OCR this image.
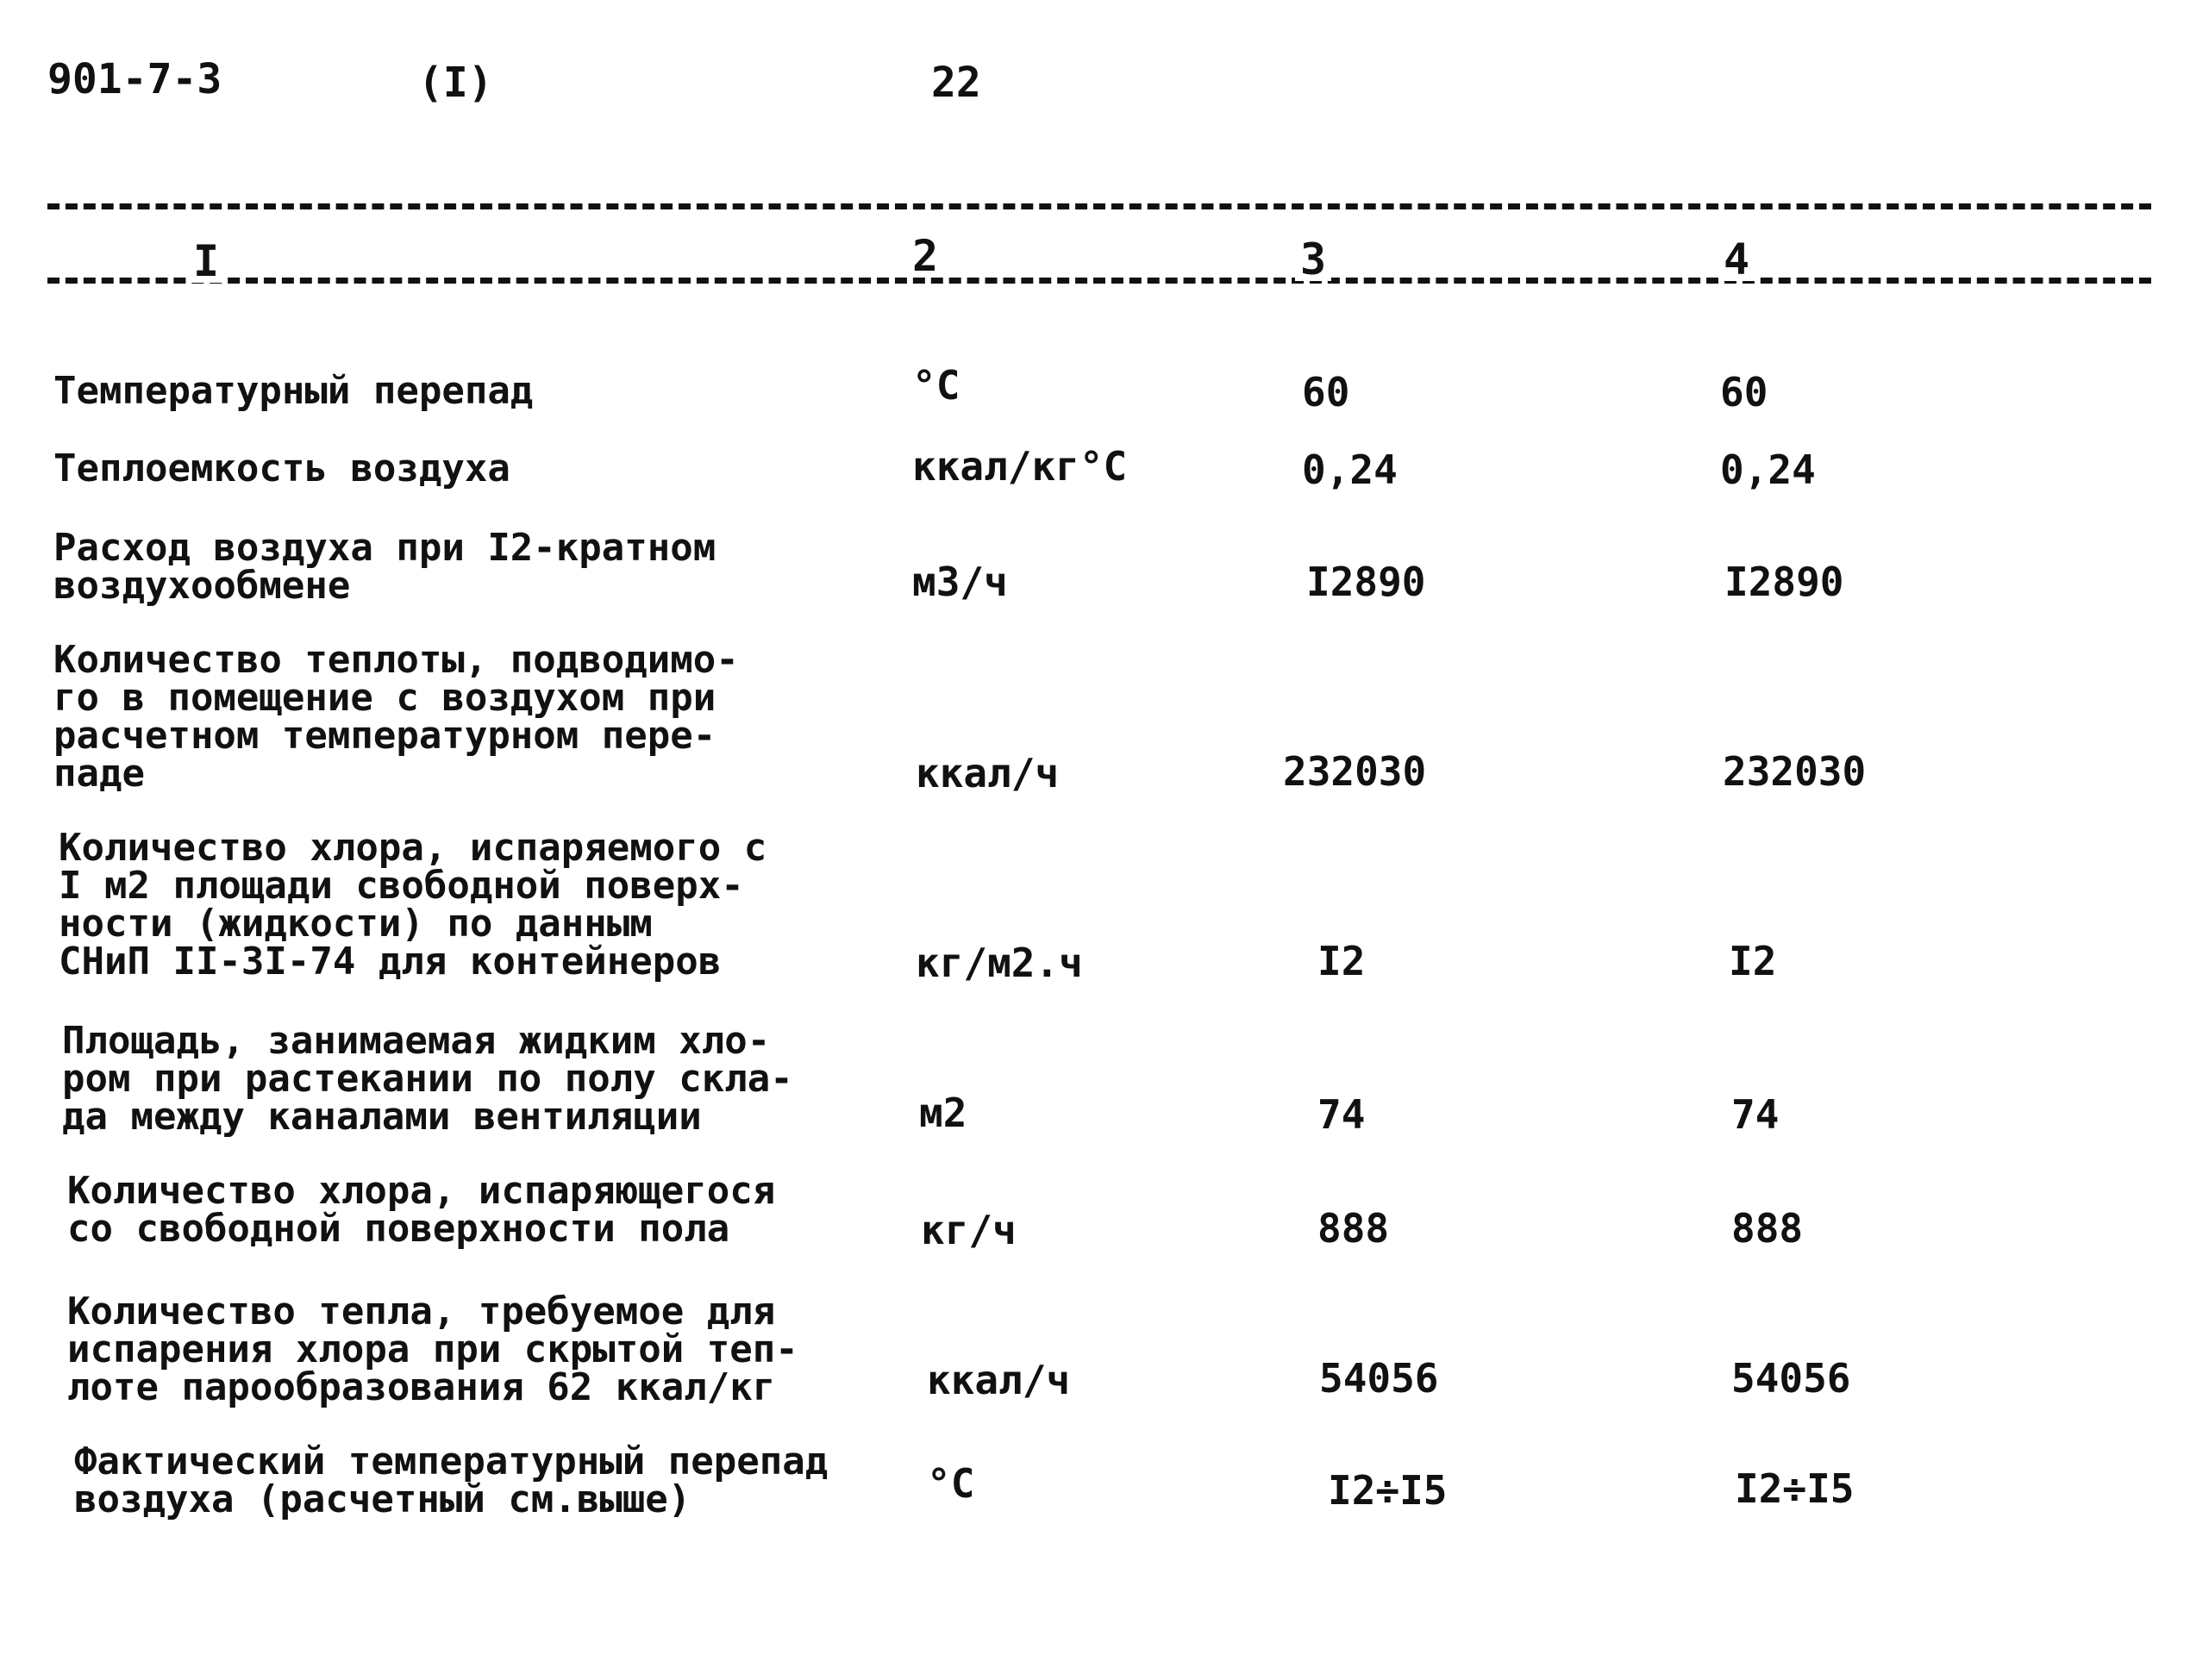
901-7-3	(I)	22
I	2	3	4
Температурный перепад	°C	60	60
Теплоемкость воздуха	ккал/кг°С	0,24	0,24
Расход воздуха при I2-кратном
воздухообмене	м3/ч	I2890	I2890
Количество теплоты, подводимо-
го в помещение с воздухом при
расчетном температурном пере-
паде	ккал/ч	232030	232030
Количество хлора, испаряемого с
I м2 площади свободной поверх-
ности (жидкости) по данным
СНиП II-3I-74 для контейнеров	кг/м2.ч	I2	I2
Площадь, занимаемая жидким хло-
ром при растекании по полу скла-
да между каналами вентиляции	м2	74	74
Количество хлора, испаряющегося
со свободной поверхности пола	кг/ч	888	888
Количество тепла, требуемое для
испарения хлора при скрытой теп-
лоте парообразования 62 ккал/кг	ккал/ч	54056	54056
Фактический температурный перепад
воздуха (расчетный см.выше)	°C	I2÷I5	I2÷I5
